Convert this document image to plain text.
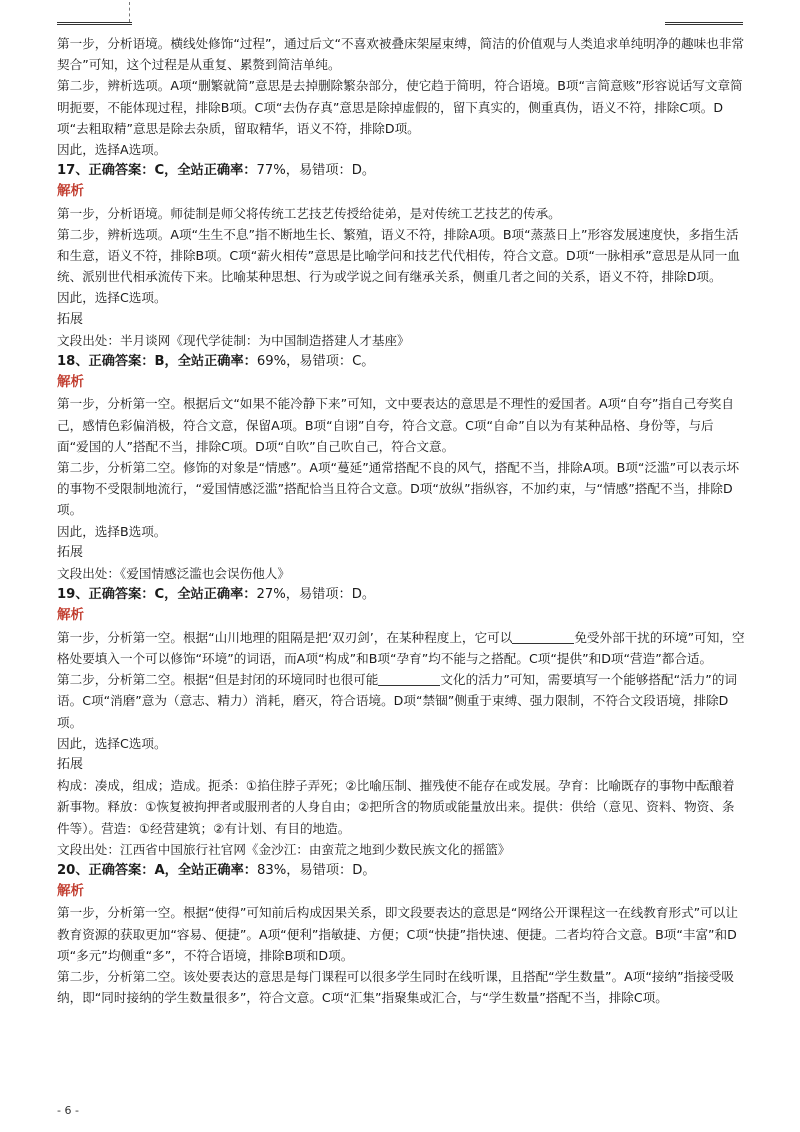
第一步，分析语境。横线处修饰“过程”，通过后文“不喜欢被叠床架屋束缚，简洁的价值观与人类追求单纯明净的趣味也非常契合”可知，这个过程是从重复、累赘到简洁单纯。

第二步，辨析选项。A项“删繁就简”意思是去掉删除繁杂部分，使它趋于简明，符合语境。B项“言简意赅”形容说话写文章简明扼要，不能体现过程，排除B项。C项“去伪存真”意思是除掉虚假的，留下真实的，侧重真伪，语义不符，排除C项。D项“去粗取精”意思是除去杂质，留取精华，语义不符，排除D项。

因此，选择A选项。

17、正确答案：C，全站正确率：77%，易错项：D。

解析

第一步，分析语境。师徒制是师父将传统工艺技艺传授给徒弟，是对传统工艺技艺的传承。

第二步，辨析选项。A项“生生不息”指不断地生长、繁殖，语义不符，排除A项。B项“蒸蒸日上”形容发展速度快，多指生活和生意，语义不符，排除B项。C项“薪火相传”意思是比喻学问和技艺代代相传，符合文意。D项“一脉相承”意思是从同一血统、派别世代相承流传下来。比喻某种思想、行为或学说之间有继承关系，侧重几者之间的关系，语义不符，排除D项。

因此，选择C选项。

拓展

文段出处：半月谈网《现代学徒制：为中国制造搭建人才基座》

18、正确答案：B，全站正确率：69%，易错项：C。

解析

第一步，分析第一空。根据后文“如果不能冷静下来”可知，文中要表达的意思是不理性的爱国者。A项“自夸”指自己夸奖自己，感情色彩偏消极，符合文意，保留A项。B项“自诩”自夸，符合文意。C项“自命”自以为有某种品格、身份等，与后面“爱国的人”搭配不当，排除C项。D项“自吹”自己吹自己，符合文意。

第二步，分析第二空。修饰的对象是“情感”。A项“蔓延”通常搭配不良的风气，搭配不当，排除A项。B项“泛滥”可以表示坏的事物不受限制地流行，“爱国情感泛滥”搭配恰当且符合文意。D项“放纵”指纵容，不加约束，与“情感”搭配不当，排除D项。

因此，选择B选项。

拓展

文段出处：《爱国情感泛滥也会误伤他人》

19、正确答案：C，全站正确率：27%，易错项：D。

解析

第一步，分析第一空。根据“山川地理的阻隔是把‘双刃剑’，在某种程度上，它可以	免受外部干扰的环境”可知，空格处要填入一个可以修饰“环境”的词语，而A项“构成”和B项“孕育”均不能与之搭配。C项“提供”和D项“营造”都合适。

第二步，分析第二空。根据“但是封闭的环境同时也很可能	文化的活力”可知，需要填写一个能够搭配“活力”的词语。C项“消磨”意为（意志、精力）消耗，磨灭，符合语境。D项“禁锢”侧重于束缚、强力限制，不符合文段语境，排除D项。

因此，选择C选项。

拓展

构成：凑成，组成；造成。扼杀：①掐住脖子弄死；②比喻压制、摧残使不能存在或发展。孕育：比喻既存的事物中酝酿着新事物。释放：①恢复被拘押者或服刑者的人身自由；②把所含的物质或能量放出来。提供：供给（意见、资料、物资、条件等）。营造：①经营建筑；②有计划、有目的地造。

文段出处：江西省中国旅行社官网《金沙江：由蛮荒之地到少数民族文化的摇篮》

20、正确答案：A，全站正确率：83%，易错项：D。

解析

第一步，分析第一空。根据“使得”可知前后构成因果关系，即文段要表达的意思是“网络公开课程这一在线教育形式”可以让教育资源的获取更加“容易、便捷”。A项“便利”指敏捷、方便；C项“快捷”指快速、便捷。二者均符合文意。B项“丰富”和D项“多元”均侧重“多”，不符合语境，排除B项和D项。

第二步，分析第二空。该处要表达的意思是每门课程可以很多学生同时在线听课，且搭配“学生数量”。A项“接纳”指接受吸纳，即“同时接纳的学生数量很多”，符合文意。C项“汇集”指聚集或汇合，与“学生数量”搭配不当，排除C项。

- 6 -
